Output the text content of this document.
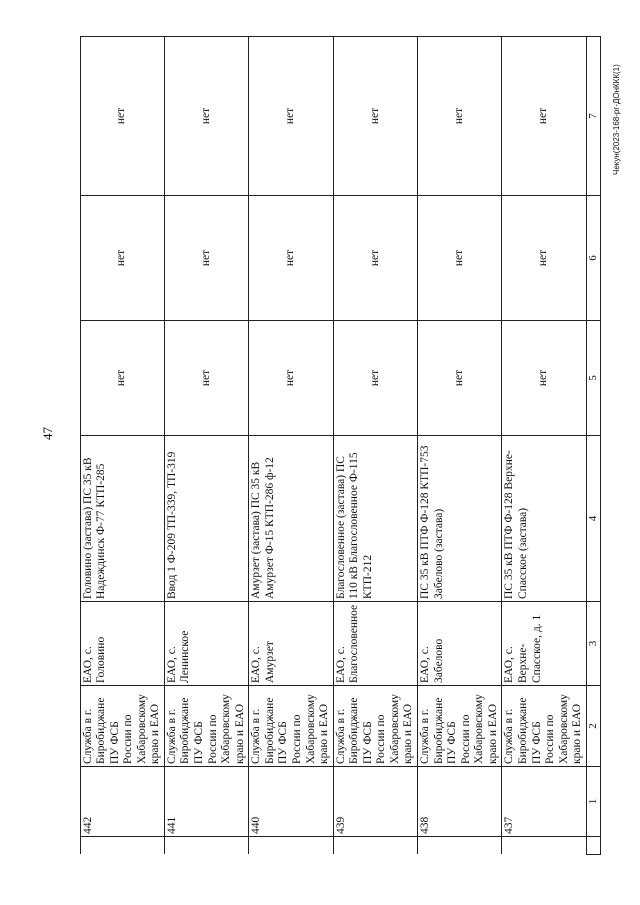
47
Чекун(2023-168-рг-ДОнККК(1)

	442	Служба в г. Биробиджане ПУ ФСБ России по Хабаровскому краю и ЕАО	ЕАО, с. Головино	Головино (застава) ПС 35 кВ Надеждинск Ф-77 КТП-285	нет	нет	нет
	441	Служба в г. Биробиджане ПУ ФСБ России по Хабаровскому краю и ЕАО	ЕАО, с. Ленинское	Ввод 1 Ф-209 ТП-339, ТП-319	нет	нет	нет
	440	Служба в г. Биробиджане ПУ ФСБ России по Хабаровскому краю и ЕАО	ЕАО, с. Амурзет	Амурзет (застава) ПС 35 кВ Амурзет Ф-15 КТП-286 ф-12	нет	нет	нет
	439	Служба в г. Биробиджане ПУ ФСБ России по Хабаровскому краю и ЕАО	ЕАО, с. Благословенное	Благословенное (застава) ПС 110 кВ Благословенное Ф-115 КТП-212	нет	нет	нет
	438	Служба в г. Биробиджане ПУ ФСБ России по Хабаровскому краю и ЕАО	ЕАО, с. Забелово	ПС 35 кВ ПТФ Ф-128 КТП-753 Забелово (застава)	нет	нет	нет
	437	Служба в г. Биробиджане ПУ ФСБ России по Хабаровскому краю и ЕАО	ЕАО, с. Верхне-Спасское, д. 1	ПС 35 кВ ПТФ Ф-128 Верхне-Спасское (застава)	нет	нет	нет
	1	2	3	4	5	6	7
